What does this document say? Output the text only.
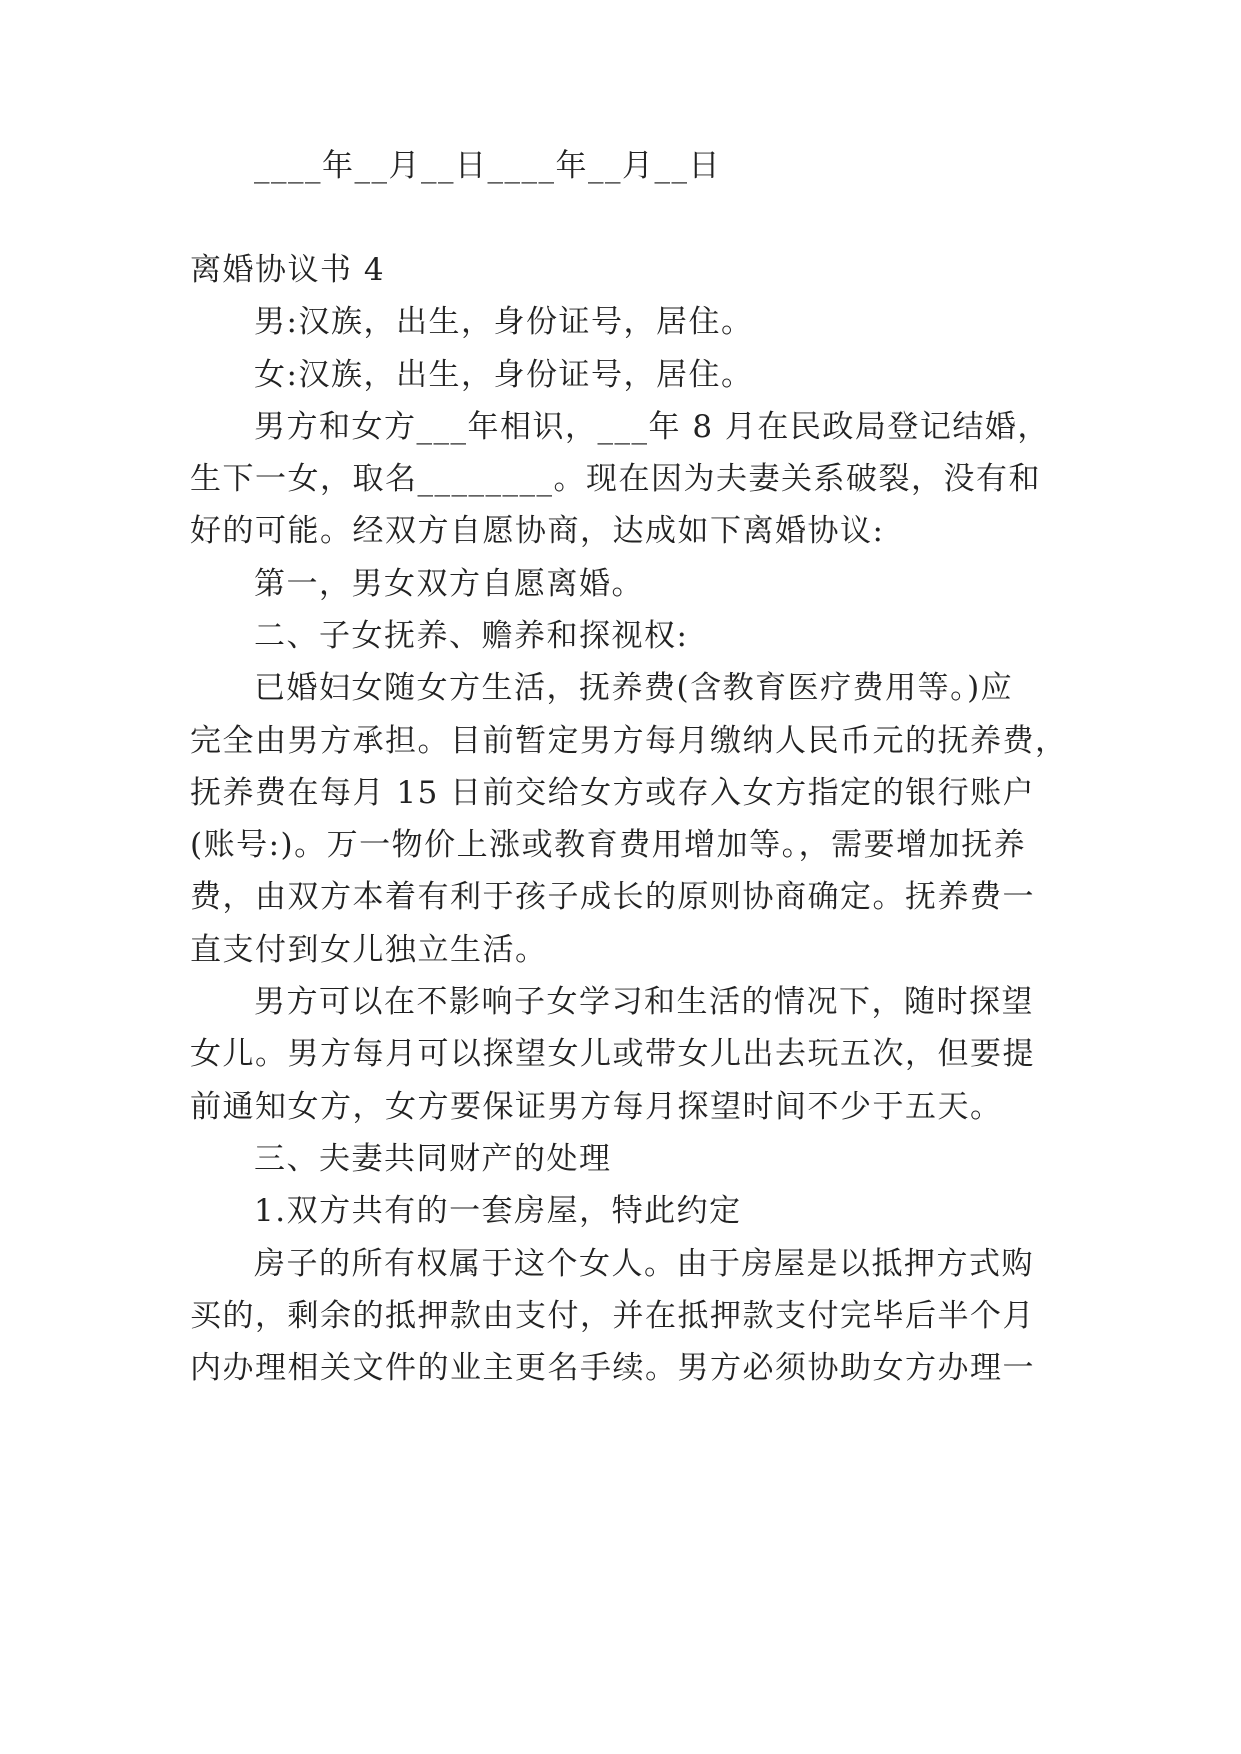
____年__月__日____年__月__日
离婚协议书 4
男:汉族，出生，身份证号，居住。
女:汉族，出生，身份证号，居住。
男方和女方___年相识，___年 8 月在民政局登记结婚，
生下一女，取名________。现在因为夫妻关系破裂，没有和
好的可能。经双方自愿协商，达成如下离婚协议:
第一，男女双方自愿离婚。
二、子女抚养、赡养和探视权:
已婚妇女随女方生活，抚养费(含教育医疗费用等。)应
完全由男方承担。目前暂定男方每月缴纳人民币元的抚养费，
抚养费在每月 15 日前交给女方或存入女方指定的银行账户
(账号:)。万一物价上涨或教育费用增加等。，需要增加抚养
费，由双方本着有利于孩子成长的原则协商确定。抚养费一
直支付到女儿独立生活。
男方可以在不影响子女学习和生活的情况下，随时探望
女儿。男方每月可以探望女儿或带女儿出去玩五次，但要提
前通知女方，女方要保证男方每月探望时间不少于五天。
三、夫妻共同财产的处理
1.双方共有的一套房屋，特此约定
房子的所有权属于这个女人。由于房屋是以抵押方式购
买的，剩余的抵押款由支付，并在抵押款支付完毕后半个月
内办理相关文件的业主更名手续。男方必须协助女方办理一
